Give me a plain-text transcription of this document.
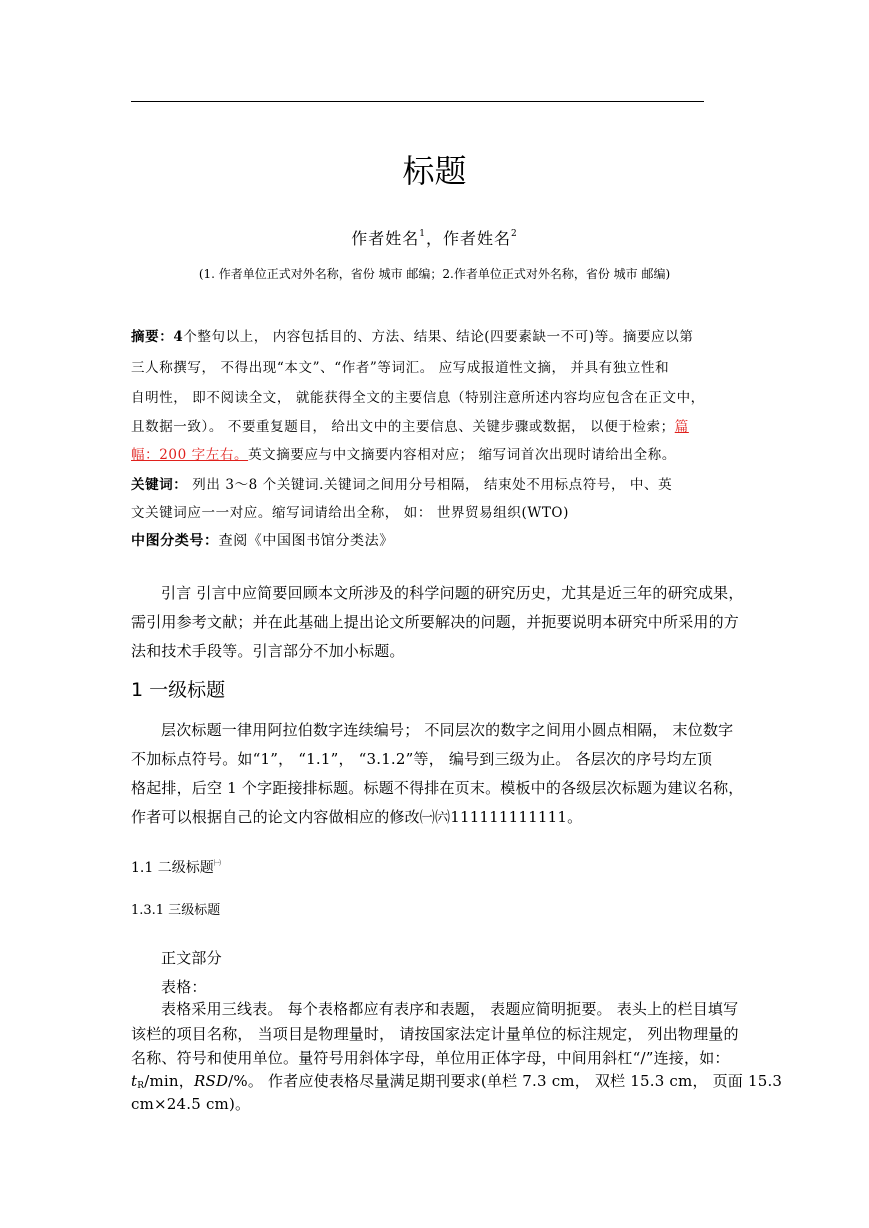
标题
作者姓名$^1$，作者姓名$^2$
(1. 作者单位正式对外名称，省份 城市 邮编；2.作者单位正式对外名称，省份 城市 邮编)
摘要：4个整句以上， 内容包括目的、方法、结果、结论(四要素缺一不可)等。摘要应以第
三人称撰写， 不得出现“本文”、“作者”等词汇。 应写成报道性文摘， 并具有独立性和
自明性， 即不阅读全文， 就能获得全文的主要信息（特别注意所述内容均应包含在正文中，
且数据一致）。 不要重复题目， 给出文中的主要信息、关键步骤或数据， 以便于检索；篇
幅：200 字左右。英文摘要应与中文摘要内容相对应； 缩写词首次出现时请给出全称。
关键词： 列出 3～8 个关键词.关键词之间用分号相隔， 结束处不用标点符号， 中、英
文关键词应一一对应。缩写词请给出全称， 如： 世界贸易组织(WTO)
中图分类号：查阅《中国图书馆分类法》
引言 引言中应简要回顾本文所涉及的科学问题的研究历史，尤其是近三年的研究成果，
需引用参考文献；并在此基础上提出论文所要解决的问题，并扼要说明本研究中所采用的方
法和技术手段等。引言部分不加小标题。
1 一级标题
层次标题一律用阿拉伯数字连续编号； 不同层次的数字之间用小圆点相隔， 末位数字
不加标点符号。如“1”， “1.1”， “3.1.2”等， 编号到三级为止。 各层次的序号均左顶
格起排，后空 1 个字距接排标题。标题不得排在页末。模板中的各级层次标题为建议名称，
作者可以根据自己的论文内容做相应的修改㈠㈥111111111111。
1.1 二级标题$^㈠$
1.3.1 三级标题
正文部分
表格：
表格采用三线表。 每个表格都应有表序和表题， 表题应简明扼要。 表头上的栏目填写
该栏的项目名称， 当项目是物理量时， 请按国家法定计量单位的标注规定， 列出物理量的
名称、符号和使用单位。量符号用斜体字母，单位用正体字母，中间用斜杠“/”连接，如：
$t_R/\min$，RSD/%。 作者应使表格尽量满足期刊要求(单栏 7.3 cm， 双栏 15.3 cm， 页面 15.3
cm×24.5 cm)。
